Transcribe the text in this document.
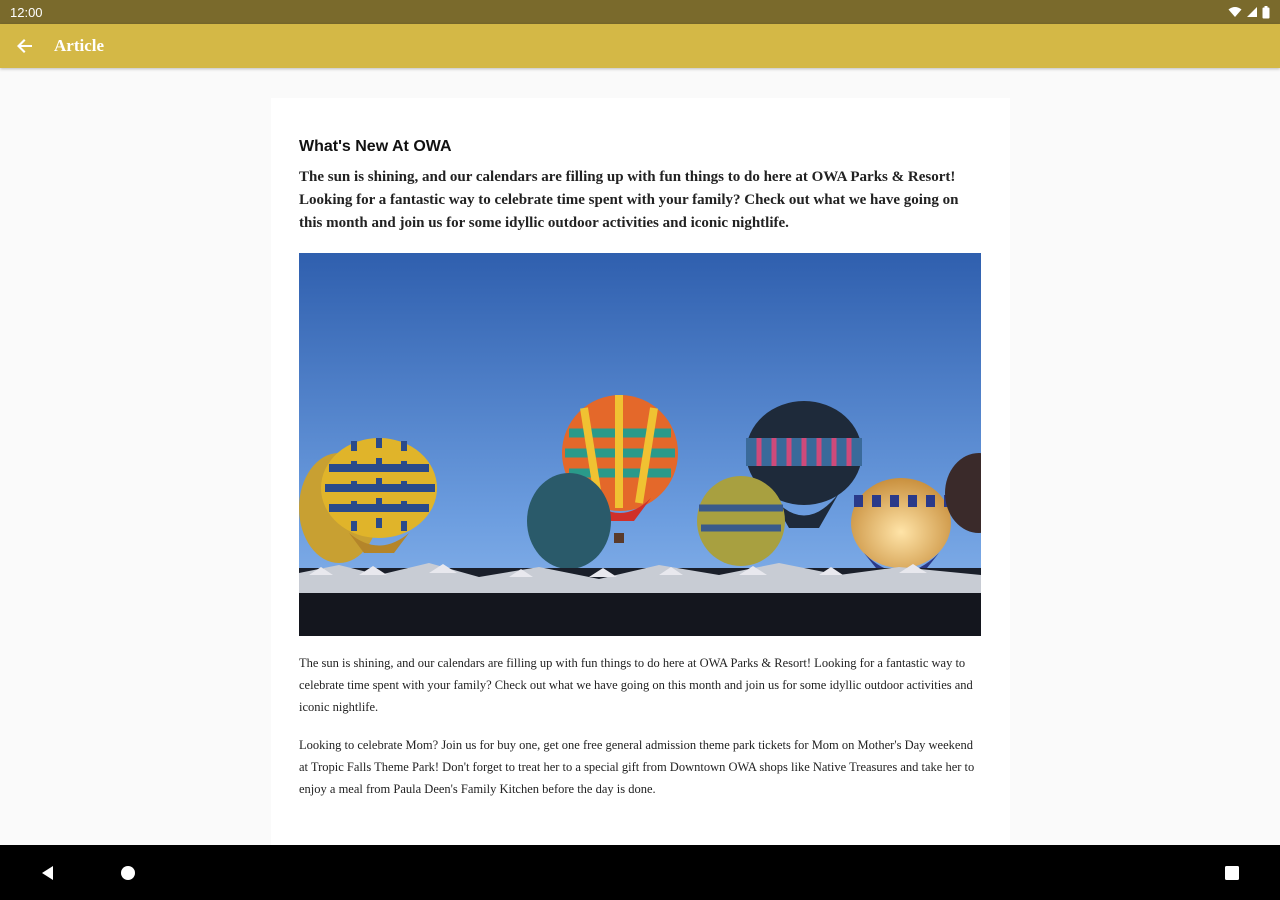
12:00
Article
What's New At OWA

The sun is shining, and our calendars are filling up with fun things to do here at OWA Parks & Resort! Looking for a fantastic way to celebrate time spent with your family? Check out what we have going on this month and join us for some idyllic outdoor activities and iconic nightlife.

The sun is shining, and our calendars are filling up with fun things to do here at OWA Parks & Resort! Looking for a fantastic way to celebrate time spent with your family? Check out what we have going on this month and join us for some idyllic outdoor activities and iconic nightlife.

Looking to celebrate Mom? Join us for buy one, get one free general admission theme park tickets for Mom on Mother's Day weekend at Tropic Falls Theme Park! Don't forget to treat her to a special gift from Downtown OWA shops like Native Treasures and take her to enjoy a meal from Paula Deen's Family Kitchen before the day is done.
